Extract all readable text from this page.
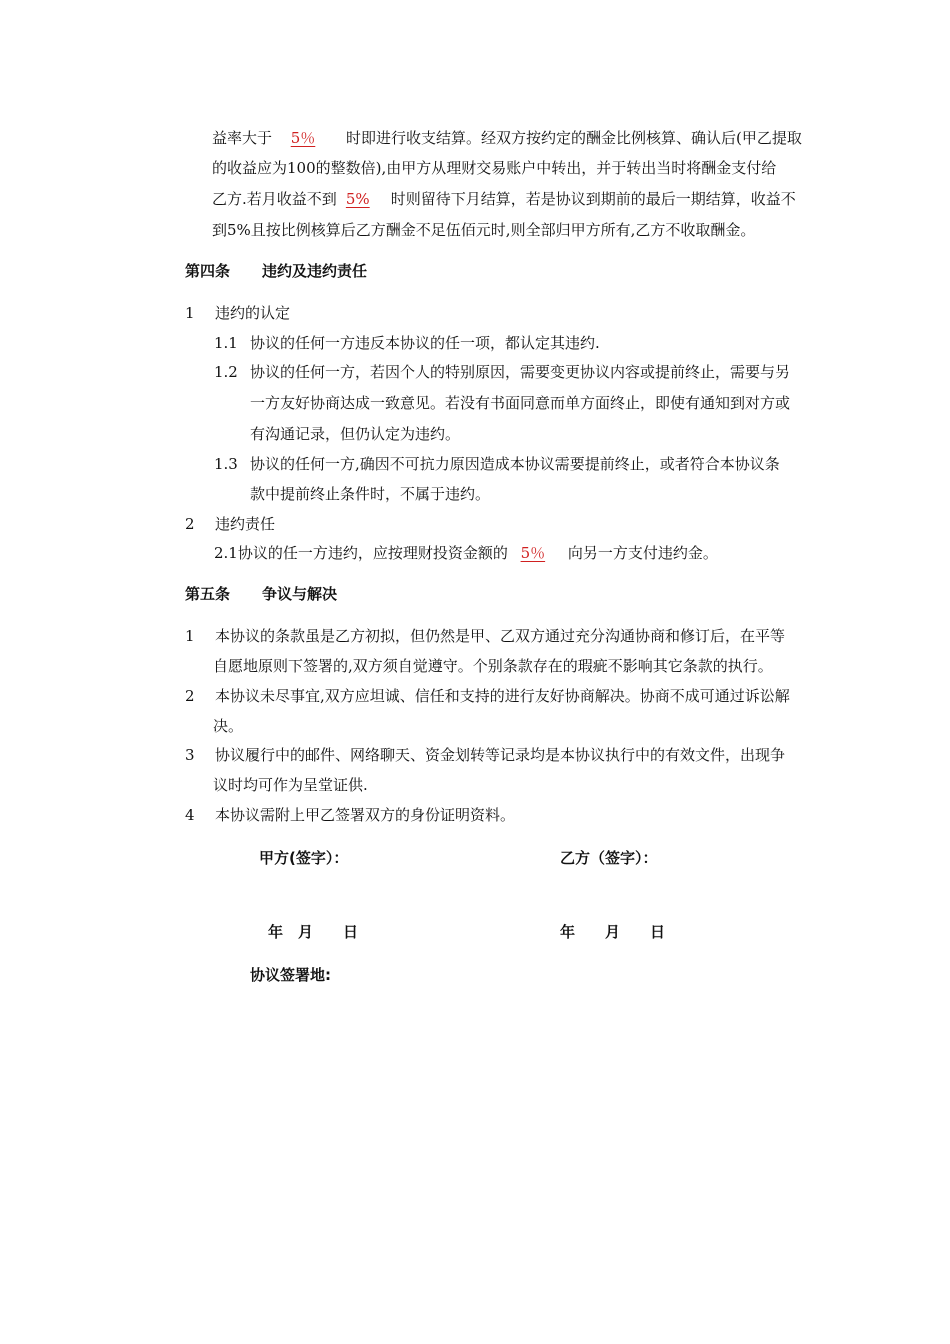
益率大于 5％ 时即进行收支结算。经双方按约定的酬金比例核算、确认后(甲乙提取
的收益应为100的整数倍),由甲方从理财交易账户中转出，并于转出当时将酬金支付给
乙方.若月收益不到 5% 时则留待下月结算，若是协议到期前的最后一期结算，收益不
到5%且按比例核算后乙方酬金不足伍佰元时,则全部归甲方所有,乙方不收取酬金。
第四条 违约及违约责任
1 违约的认定
1.1 协议的任何一方违反本协议的任一项，都认定其违约.
1.2 协议的任何一方，若因个人的特别原因，需要变更协议内容或提前终止，需要与另
一方友好协商达成一致意见。若没有书面同意而单方面终止，即使有通知到对方或
有沟通记录，但仍认定为违约。
1.3 协议的任何一方,确因不可抗力原因造成本协议需要提前终止，或者符合本协议条
款中提前终止条件时，不属于违约。
2 违约责任
2.1协议的任一方违约，应按理财投资金额的 5％ 向另一方支付违约金。
第五条 争议与解决
1 本协议的条款虽是乙方初拟，但仍然是甲、乙双方通过充分沟通协商和修订后，在平等
自愿地原则下签署的,双方须自觉遵守。个别条款存在的瑕疵不影响其它条款的执行。
2 本协议未尽事宜,双方应坦诚、信任和支持的进行友好协商解决。协商不成可通过诉讼解
决。
3 协议履行中的邮件、网络聊天、资金划转等记录均是本协议执行中的有效文件，出现争
议时均可作为呈堂证供.
4 本协议需附上甲乙签署双方的身份证明资料。
甲方(签字）：	乙方（签字）：
年　月　　日	年　　月　　日
协议签署地:
